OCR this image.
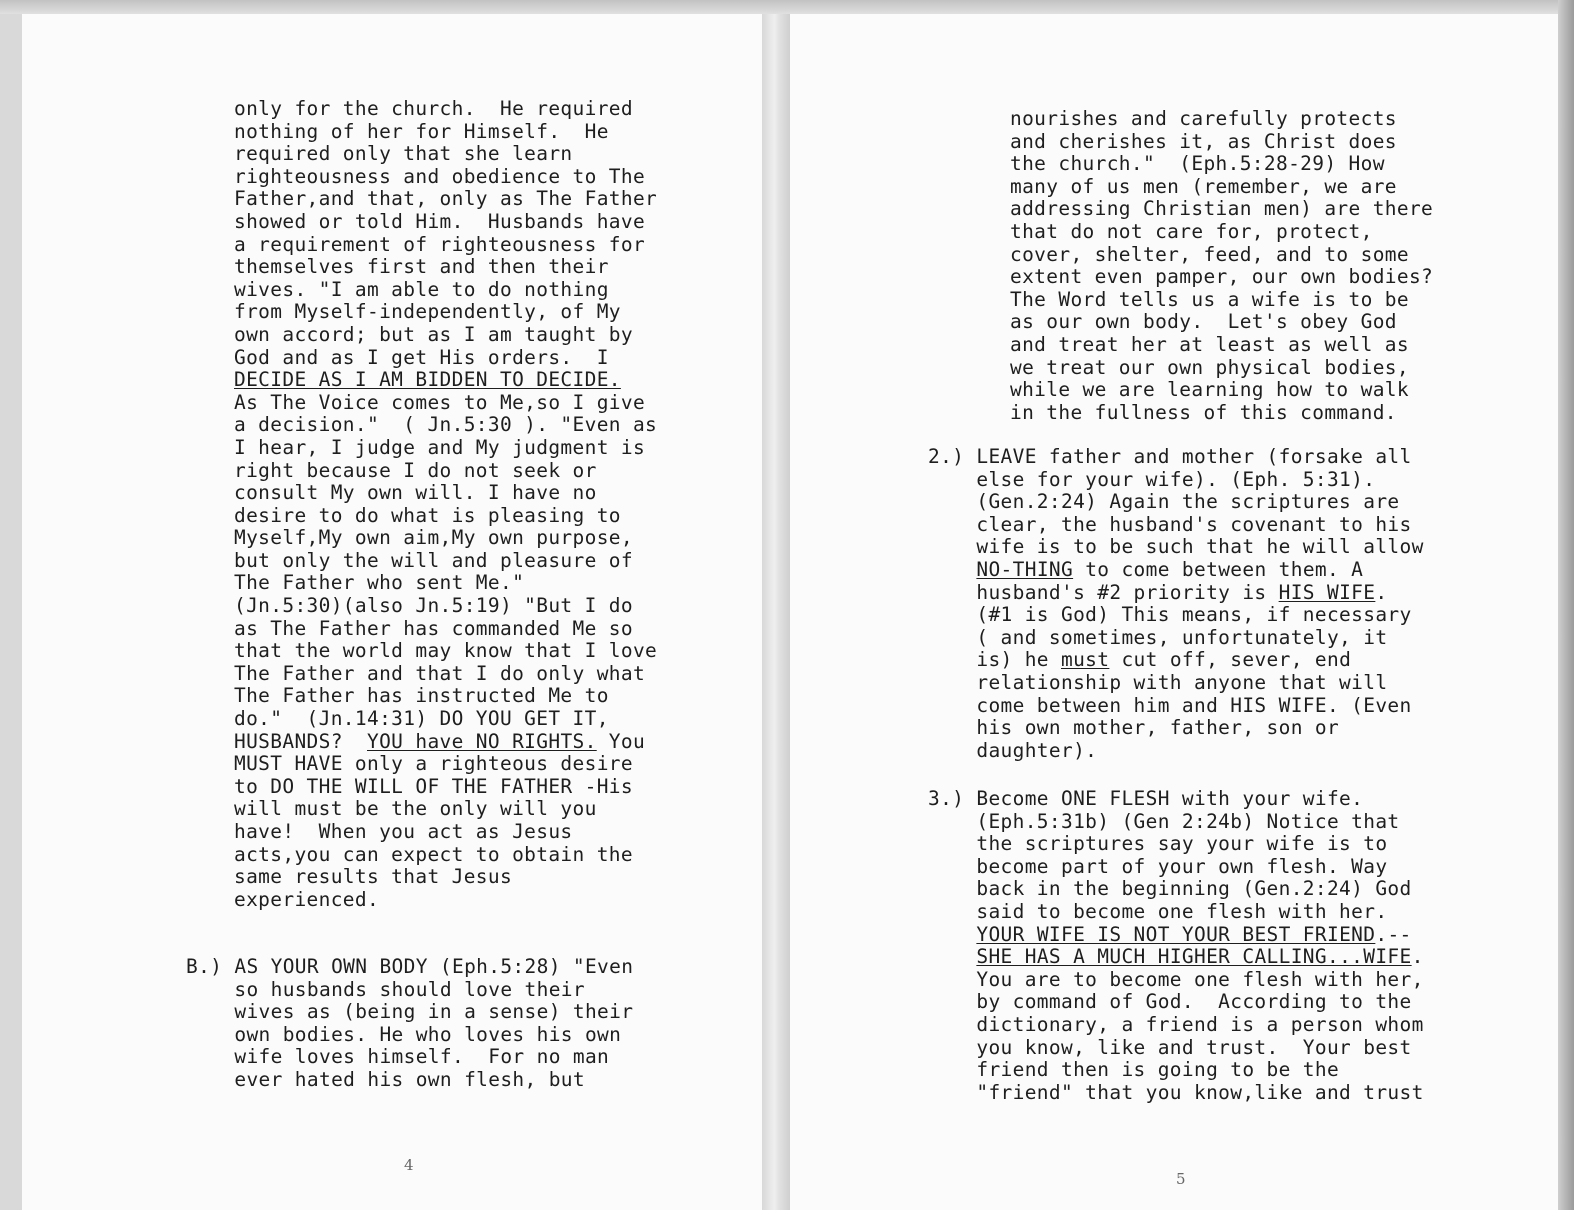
only for the church.  He required
nothing of her for Himself.  He
required only that she learn
righteousness and obedience to The
Father,and that, only as The Father
showed or told Him.  Husbands have
a requirement of righteousness for
themselves first and then their
wives. "I am able to do nothing
from Myself-independently, of My
own accord; but as I am taught by
God and as I get His orders.  I
DECIDE AS I AM BIDDEN TO DECIDE.
As The Voice comes to Me,so I give
a decision."  ( Jn.5:30 ). "Even as
I hear, I judge and My judgment is
right because I do not seek or
consult My own will. I have no
desire to do what is pleasing to
Myself,My own aim,My own purpose,
but only the will and pleasure of
The Father who sent Me."
(Jn.5:30)(also Jn.5:19) "But I do
as The Father has commanded Me so
that the world may know that I love
The Father and that I do only what
The Father has instructed Me to
do."  (Jn.14:31) DO YOU GET IT,
HUSBANDS?  YOU have NO RIGHTS. You
MUST HAVE only a righteous desire
to DO THE WILL OF THE FATHER -His
will must be the only will you
have!  When you act as Jesus
acts,you can expect to obtain the
same results that Jesus
experienced.
B.) AS YOUR OWN BODY (Eph.5:28) "Even
so husbands should love their
wives as (being in a sense) their
own bodies. He who loves his own
wife loves himself.  For no man
ever hated his own flesh, but
4
nourishes and carefully protects
and cherishes it, as Christ does
the church."  (Eph.5:28-29) How
many of us men (remember, we are
addressing Christian men) are there
that do not care for, protect,
cover, shelter, feed, and to some
extent even pamper, our own bodies?
The Word tells us a wife is to be
as our own body.  Let's obey God
and treat her at least as well as
we treat our own physical bodies,
while we are learning how to walk
in the fullness of this command.
2.) LEAVE father and mother (forsake all
else for your wife). (Eph. 5:31).
(Gen.2:24) Again the scriptures are
clear, the husband's covenant to his
wife is to be such that he will allow
NO-THING to come between them. A
husband's #2 priority is HIS WIFE.
(#1 is God) This means, if necessary
( and sometimes, unfortunately, it
is) he must cut off, sever, end
relationship with anyone that will
come between him and HIS WIFE. (Even
his own mother, father, son or
daughter).
3.) Become ONE FLESH with your wife.
(Eph.5:31b) (Gen 2:24b) Notice that
the scriptures say your wife is to
become part of your own flesh. Way
back in the beginning (Gen.2:24) God
said to become one flesh with her.
YOUR WIFE IS NOT YOUR BEST FRIEND.--
SHE HAS A MUCH HIGHER CALLING...WIFE.
You are to become one flesh with her,
by command of God.  According to the
dictionary, a friend is a person whom
you know, like and trust.  Your best
friend then is going to be the
"friend" that you know,like and trust
5
